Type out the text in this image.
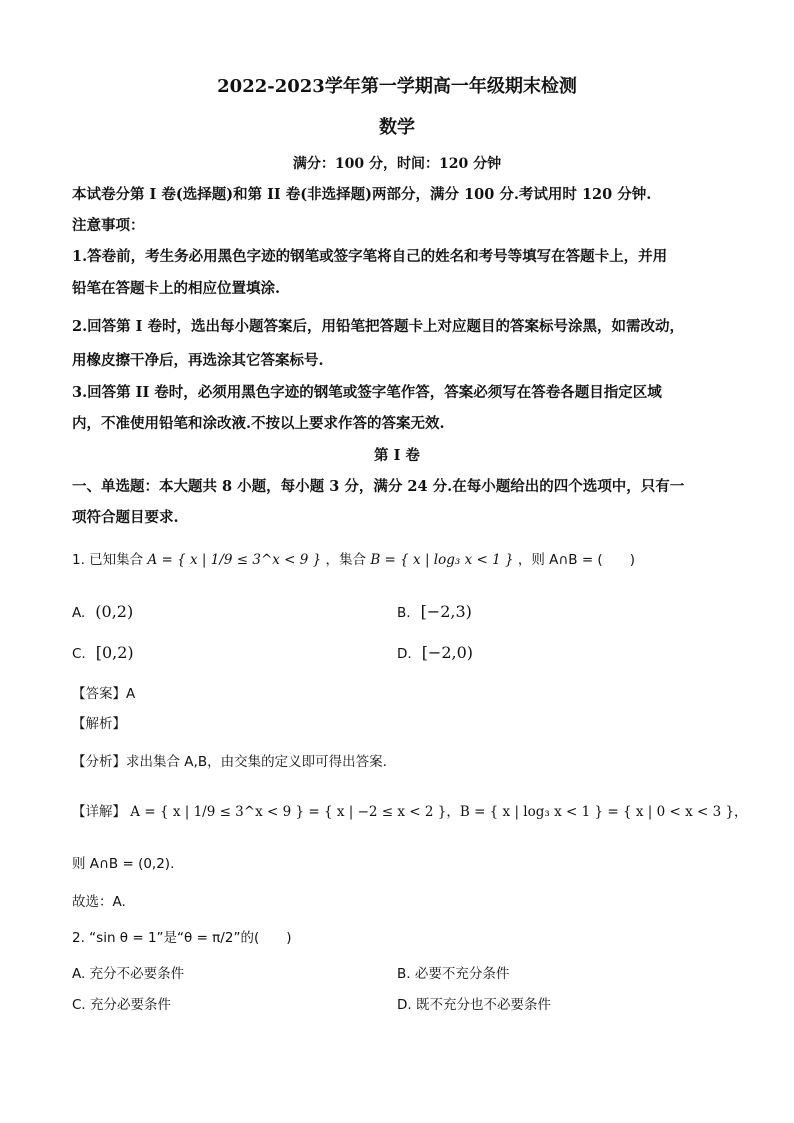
2022-2023学年第一学期高一年级期末检测
数学
满分：100 分，时间：120 分钟
本试卷分第 I 卷(选择题)和第 II 卷(非选择题)两部分，满分 100 分.考试用时 120 分钟.
注意事项：
1.答卷前，考生务必用黑色字迹的钢笔或签字笔将自己的姓名和考号等填写在答题卡上，并用
铅笔在答题卡上的相应位置填涂.
2.回答第 I 卷时，选出每小题答案后，用铅笔把答题卡上对应题目的答案标号涂黑，如需改动，
用橡皮擦干净后，再选涂其它答案标号.
3.回答第 II 卷时，必须用黑色字迹的钢笔或签字笔作答，答案必须写在答卷各题目指定区域
内，不准使用铅笔和涂改液.不按以上要求作答的答案无效.
第 I 卷
一、单选题：本大题共 8 小题，每小题 3 分，满分 24 分.在每小题给出的四个选项中，只有一
项符合题目要求.
1. 已知集合 A = { x | 1/9 ≤ 3^x < 9 } ，集合 B = { x | log₃ x < 1 } ，则 A∩B = (　　)
A. (0,2)	B. [−2,3)
C. [0,2)	D. [−2,0)
【答案】A
【解析】
【分析】求出集合 A,B，由交集的定义即可得出答案.
【详解】 A = { x | 1/9 ≤ 3^x < 9 } = { x | −2 ≤ x < 2 }，B = { x | log₃ x < 1 } = { x | 0 < x < 3 }，
则 A∩B = (0,2).
故选：A.
2. “sin θ = 1”是“θ = π/2”的(　　)
A. 充分不必要条件	B. 必要不充分条件
C. 充分必要条件	D. 既不充分也不必要条件
